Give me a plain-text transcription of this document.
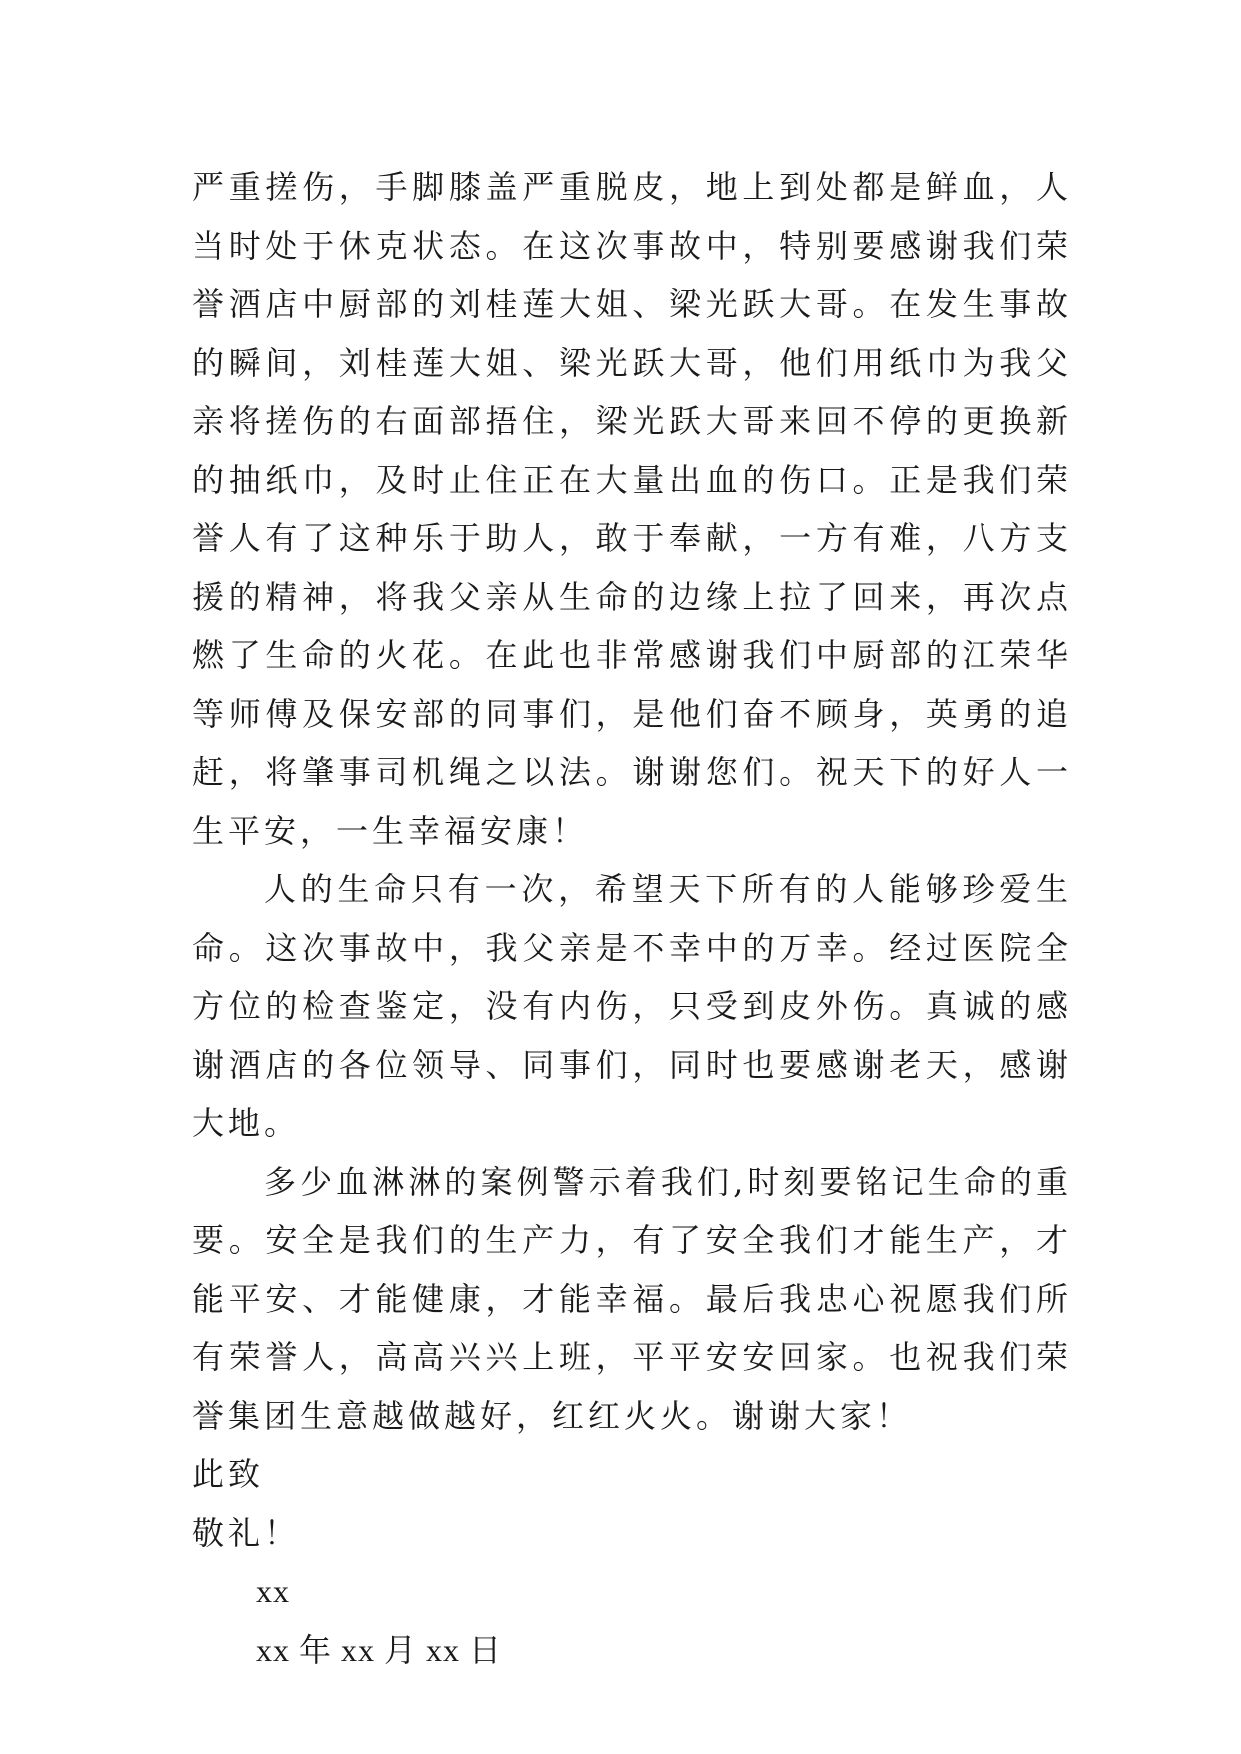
严重搓伤，手脚膝盖严重脱皮，地上到处都是鲜血，人当时处于休克状态。在这次事故中，特别要感谢我们荣誉酒店中厨部的刘桂莲大姐、梁光跃大哥。在发生事故的瞬间，刘桂莲大姐、梁光跃大哥，他们用纸巾为我父亲将搓伤的右面部捂住，梁光跃大哥来回不停的更换新的抽纸巾，及时止住正在大量出血的伤口。正是我们荣誉人有了这种乐于助人，敢于奉献，一方有难，八方支援的精神，将我父亲从生命的边缘上拉了回来，再次点燃了生命的火花。在此也非常感谢我们中厨部的江荣华等师傅及保安部的同事们，是他们奋不顾身，英勇的追赶，将肇事司机绳之以法。谢谢您们。祝天下的好人一生平安，一生幸福安康！

人的生命只有一次，希望天下所有的人能够珍爱生命。这次事故中，我父亲是不幸中的万幸。经过医院全方位的检查鉴定，没有内伤，只受到皮外伤。真诚的感谢酒店的各位领导、同事们，同时也要感谢老天，感谢大地。

多少血淋淋的案例警示着我们,时刻要铭记生命的重要。安全是我们的生产力，有了安全我们才能生产，才能平安、才能健康，才能幸福。最后我忠心祝愿我们所有荣誉人，高高兴兴上班，平平安安回家。也祝我们荣誉集团生意越做越好，红红火火。谢谢大家！

此致

敬礼！

xx

xx 年 xx 月 xx 日
